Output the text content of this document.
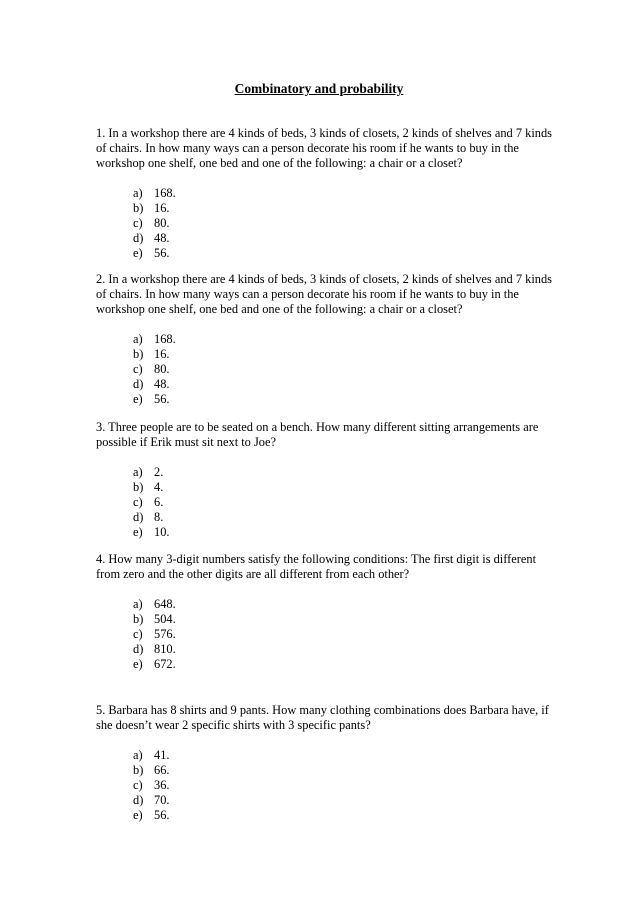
Combinatory and probability

1. In a workshop there are 4 kinds of beds, 3 kinds of closets, 2 kinds of shelves and 7 kinds of chairs. In how many ways can a person decorate his room if he wants to buy in the workshop one shelf, one bed and one of the following: a chair or a closet?

a) 168.
b) 16.
c) 80.
d) 48.
e) 56.

2. In a workshop there are 4 kinds of beds, 3 kinds of closets, 2 kinds of shelves and 7 kinds of chairs. In how many ways can a person decorate his room if he wants to buy in the workshop one shelf, one bed and one of the following: a chair or a closet?

a) 168.
b) 16.
c) 80.
d) 48.
e) 56.

3. Three people are to be seated on a bench. How many different sitting arrangements are possible if Erik must sit next to Joe?

a) 2.
b) 4.
c) 6.
d) 8.
e) 10.

4. How many 3-digit numbers satisfy the following conditions: The first digit is different from zero and the other digits are all different from each other?

a) 648.
b) 504.
c) 576.
d) 810.
e) 672.

5. Barbara has 8 shirts and 9 pants. How many clothing combinations does Barbara have, if she doesn’t wear 2 specific shirts with 3 specific pants?

a) 41.
b) 66.
c) 36.
d) 70.
e) 56.
